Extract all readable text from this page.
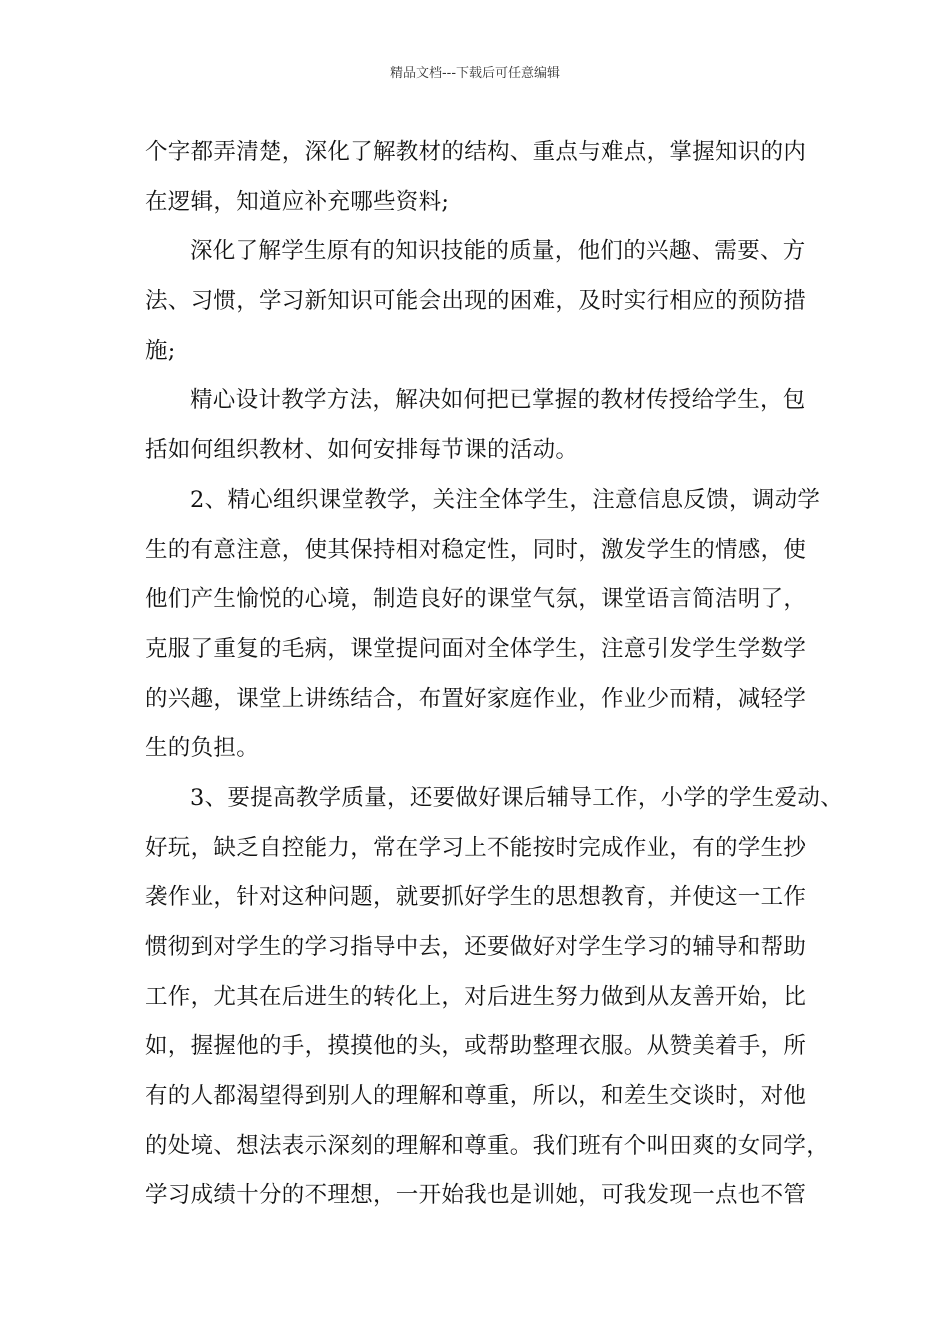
精品文档---下载后可任意编辑
个字都弄清楚，深化了解教材的结构、重点与难点，掌握知识的内
在逻辑，知道应补充哪些资料;
深化了解学生原有的知识技能的质量，他们的兴趣、需要、方
法、习惯，学习新知识可能会出现的困难，及时实行相应的预防措
施;
精心设计教学方法，解决如何把已掌握的教材传授给学生，包
括如何组织教材、如何安排每节课的活动。
2、精心组织课堂教学，关注全体学生，注意信息反馈，调动学
生的有意注意，使其保持相对稳定性，同时，激发学生的情感，使
他们产生愉悦的心境，制造良好的课堂气氛，课堂语言简洁明了，
克服了重复的毛病，课堂提问面对全体学生，注意引发学生学数学
的兴趣，课堂上讲练结合，布置好家庭作业，作业少而精，减轻学
生的负担。
3、要提高教学质量，还要做好课后辅导工作，小学的学生爱动、
好玩，缺乏自控能力，常在学习上不能按时完成作业，有的学生抄
袭作业，针对这种问题，就要抓好学生的思想教育，并使这一工作
惯彻到对学生的学习指导中去，还要做好对学生学习的辅导和帮助
工作，尤其在后进生的转化上，对后进生努力做到从友善开始，比
如，握握他的手，摸摸他的头，或帮助整理衣服。从赞美着手，所
有的人都渴望得到别人的理解和尊重，所以，和差生交谈时，对他
的处境、想法表示深刻的理解和尊重。我们班有个叫田爽的女同学，
学习成绩十分的不理想，一开始我也是训她，可我发现一点也不管
